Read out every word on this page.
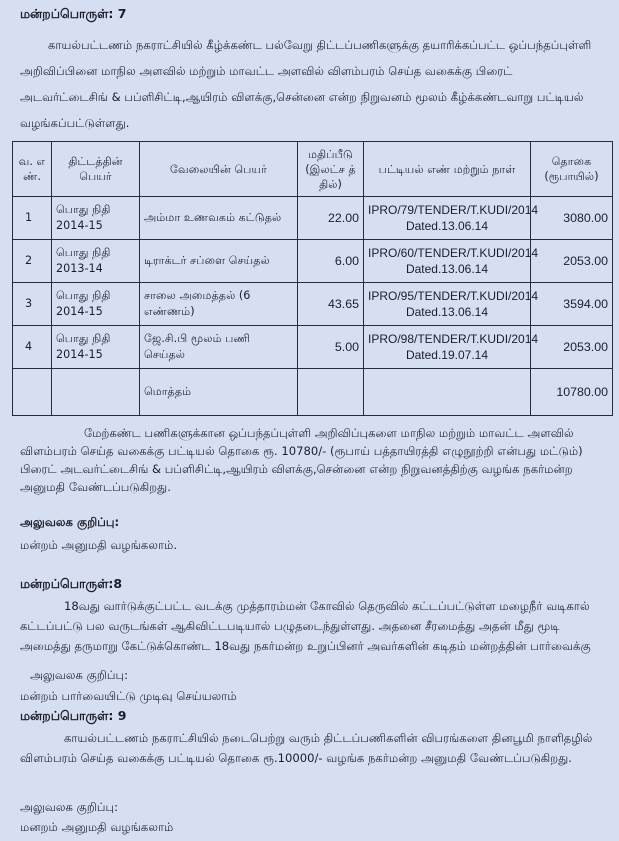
மன்றப்பொருள்: 7

காயல்பட்டணம் நகராட்சியில் கீழ்க்கண்ட பல்வேறு திட்டப்பணிகளுக்கு தயாரிக்கப்பட்ட ஒப்பந்தப்புள்ளி அறிவிப்பினை மாநில அளவில் மற்றும் மாவட்ட அளவில் விளம்பரம் செய்த வகைக்கு பிரைட் அடவர்ட்டைசிங் & பப்ளிசிட்டி,ஆயிரம் விளக்கு,சென்னை என்ற நிறுவனம் மூலம் கீழ்க்கண்டவாறு பட்டியல் வழங்கப்பட்டுள்ளது.

வ. எ ண்.	திட்டத்தின் பெயர்	வேலையின் பெயர்	மதிப்பீடு (இலட்ச த் தில்)	பட்டியல் எண் மற்றும் நாள்	தொகை (ரூபாயில்)
1	பொது நிதி 2014-15	அம்மா உணவகம் கட்டுதல்	22.00	IPRO/79/TENDER/T.KUDI/2014 Dated.13.06.14	3080.00
2	பொது நிதி 2013-14	டிராக்டர் சப்ளை செய்தல்	6.00	IPRO/60/TENDER/T.KUDI/2014 Dated.13.06.14	2053.00
3	பொது நிதி 2014-15	சாலை அமைத்தல் (6 எண்ணம்)	43.65	IPRO/95/TENDER/T.KUDI/2014 Dated.13.06.14	3594.00
4	பொது நிதி 2014-15	ஜே.சி.பி மூலம் பணி செய்தல்	5.00	IPRO/98/TENDER/T.KUDI/2014 Dated.19.07.14	2053.00
		மொத்தம்			10780.00

மேற்கண்ட பணிகளுக்கான ஒப்பந்தப்புள்ளி அறிவிப்புகளை மாநில மற்றும் மாவட்ட அளவில் விளம்பரம் செய்த வகைக்கு பட்டியல் தொகை ரூ. 10780/- (ரூபாய் பத்தாயிரத்தி எழுநூற்றி என்பது மட்டும்) பிரைட் அடவர்ட்டைசிங் & பப்ளிசிட்டி,ஆயிரம் விளக்கு,சென்னை என்ற நிறுவனத்திற்கு வழங்க நகர்மன்ற அனுமதி வேண்டப்படுகிறது.

அலுவலக குறிப்பு:
மன்றம் அனுமதி வழங்கலாம்.
மன்றப்பொருள்:8

18வது வார்டுக்குட்பட்ட வடக்கு முத்தாரம்மன் கோவில் தெருவில் கட்டப்பட்டுள்ள மழைநீர் வடிகால் கட்டப்பட்டு பல வருடங்கள் ஆகிவிட்டபடியால் பழுதடைந்துள்ளது. அதனை சீரமைத்து அதன் மீது மூடி அமைத்து தருமாறு கேட்டுக்கொண்ட 18வது நகர்மன்ற உறுப்பினர் அவர்களின் கடிதம் மன்றத்தின் பார்வைக்கு

அலுவலக குறிப்பு:
மன்றம் பார்வையிட்டு முடிவு செய்யலாம்
மன்றப்பொருள்: 9

காயல்பட்டணம் நகராட்சியில் நடைபெற்று வரும் திட்டப்பணிகளின் விபரங்களை தினபூமி நாளிதழில் விளம்பரம் செய்த வகைக்கு பட்டியல் தொகை ரூ.10000/- வழங்க நகர்மன்ற அனுமதி வேண்டப்படுகிறது.

அலுவலக குறிப்பு:
மனறம் அனுமதி வழங்கலாம்
